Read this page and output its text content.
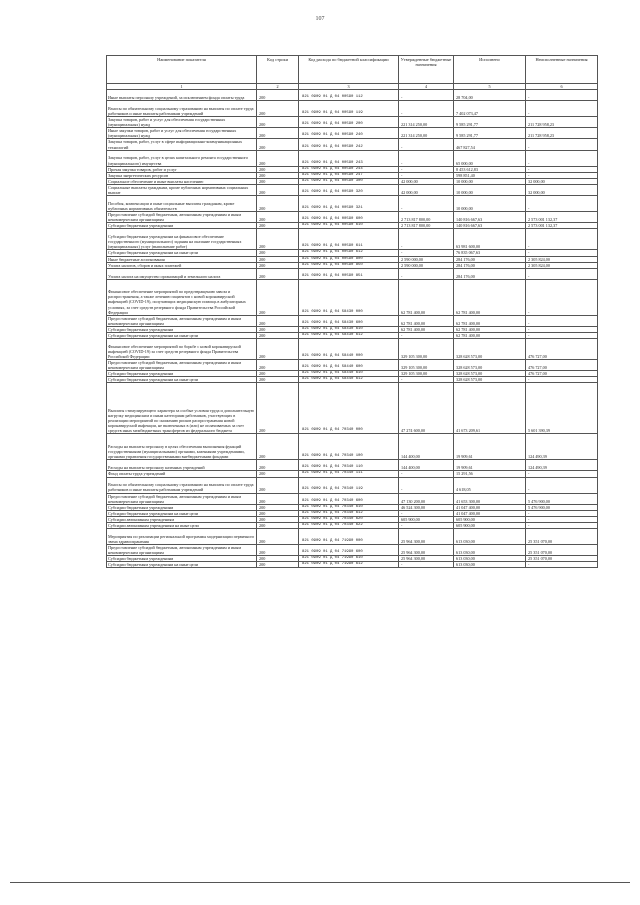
107
Наименование показателя	Код строки	Код расхода по бюджетной классификации	Утвержденные бюджетные назначения	Исполнено	Неисполненные назначения
1	2	3	4	5	6
Иные выплаты персоналу учреждений, за исключением фонда оплаты труда	200	821 0909 01 Д 04 00590 112	-	28 704,00	-
Взносы по обязательному социальному страхованию на выплаты по оплате труда работников и иные выплаты работникам учреждений	200	821 0909 01 Д 04 00590 119	-	7 402 073,47	-
Закупка товаров, работ и услуг для обеспечения государственных (муниципальных) нужд	200	821 0909 01 Д 04 00590 200	221 314 250,00	9 585 291,77	211 728 958,23
Иные закупки товаров, работ и услуг для обеспечения государственных (муниципальных) нужд	200	821 0909 01 Д 04 00590 240	221 314 250,00	9 585 291,77	211 728 958,23
Закупка товаров, работ, услуг в сфере информационно-коммуникационных технологий	200	821 0909 01 Д 04 00590 242	-	467 827,54	-
Закупка товаров, работ, услуг в целях капитального ремонта государственного (муниципального) имущества	200	821 0909 01 Д 04 00590 243	-	65 000,00	-
Прочая закупка товаров, работ и услуг	200	821 0909 01 Д 04 00590 244	-	8 453 612,83	-
Закупка энергетических ресурсов	200	821 0909 01 Д 04 00590 247	-	598 851,40	-
Социальное обеспечение и иные выплаты населению	200	821 0909 01 Д 04 00590 300	42 000,00	10 000,00	32 000,00
Социальные выплаты гражданам, кроме публичных нормативных социальных выплат	200	821 0909 01 Д 04 00590 320	42 000,00	10 000,00	32 000,00
Пособия, компенсации и иные социальные выплаты гражданам, кроме публичных нормативных обязательств	200	821 0909 01 Д 04 00590 321	-	10 000,00	-
Предоставление субсидий бюджетным, автономным учреждениям и иным некоммерческим организациям	200	821 0909 01 Д 04 00590 600	2 713 817 800,00	140 816 667,63	2 573 001 132,37
Субсидии бюджетным учреждениям	200	821 0909 01 Д 04 00590 610	2 713 817 800,00	140 816 667,63	2 573 001 132,37
Субсидии бюджетным учреждениям на финансовое обеспечение государственного (муниципального) задания на оказание государственных (муниципальных) услуг (выполнение работ)	200	821 0909 01 Д 04 00590 611	-	63 981 600,00	-
Субсидии бюджетным учреждениям на иные цели	200	821 0909 01 Д 04 00590 612	-	76 835 067,63	-
Иные бюджетные ассигнования	200	821 0909 01 Д 04 00590 800	2 590 000,00	284 176,00	2 305 824,00
Уплата налогов, сборов и иных платежей	200	821 0909 01 Д 04 00590 850	2 590 000,00	284 176,00	2 305 824,00
Уплата налога на имущество организаций и земельного налога	200	821 0909 01 Д 04 00590 851	-	284 176,00	-
Финансовое обеспечение мероприятий по предотвращению завоза и распространения, а также лечению пациентов с новой коронавирусной инфекцией (COVID-19), получающих медицинскую помощь в амбулаторных условиях, за счет средств резервного фонда Правительства Российской Федерации	200	821 0909 01 Д 04 58430 000	62 781 400,00	62 781 400,00	-
Предоставление субсидий бюджетным, автономным учреждениям и иным некоммерческим организациям	200	821 0909 01 Д 04 58430 600	62 781 400,00	62 781 400,00	-
Субсидии бюджетным учреждениям	200	821 0909 01 Д 04 58430 610	62 781 400,00	62 781 400,00	-
Субсидии бюджетным учреждениям на иные цели	200	821 0909 01 Д 04 58430 612	-	62 781 400,00	-
Финансовое обеспечение мероприятий по борьбе с новой коронавирусной инфекцией (COVID-19) за счет средств резервного фонда Правительства Российской Федерации	200	821 0909 01 Д 04 58440 000	329 105 300,00	328 628 573,00	476 727,00
Предоставление субсидий бюджетным, автономным учреждениям и иным некоммерческим организациям	200	821 0909 01 Д 04 58440 600	329 105 300,00	328 628 573,00	476 727,00
Субсидии бюджетным учреждениям	200	821 0909 01 Д 04 58440 610	329 105 300,00	328 628 573,00	476 727,00
Субсидии бюджетным учреждениям на иные цели	200	821 0909 01 Д 04 58440 612	-	328 628 573,00	-
Выплаты стимулирующего характера за особые условия труда и дополнительную нагрузку медицинским и иным категориям работников, участвующих в реализации мероприятий по снижению рисков распространения новой коронавирусной инфекции, не включенных в (или) не оплачиваемых за счет средств иных межбюджетных трансфертов из федерального бюджета	200	821 0909 01 Д 04 70340 000	47 274 600,00	41 673 209,61	5 601 390,39
Расходы на выплаты персоналу в целях обеспечения выполнения функций государственными (муниципальными) органами, казенными учреждениями, органами управления государственными внебюджетными фондами	200	821 0909 01 Д 04 70340 100	144 400,00	19 909,61	124 490,39
Расходы на выплаты персоналу казенных учреждений	200	821 0909 01 Д 04 70340 110	144 400,00	19 909,61	124 490,39
Фонд оплаты труда учреждений	200	821 0909 01 Д 04 70340 111	-	15 291,56	-
Взносы по обязательному социальному страхованию на выплаты по оплате труда работников и иные выплаты работникам учреждений	200	821 0909 01 Д 04 70340 119	-	4 618,05	-
Предоставление субсидий бюджетным, автономным учреждениям и иным некоммерческим организациям	200	821 0909 01 Д 04 70340 600	47 130 200,00	41 653 300,00	5 476 900,00
Субсидии бюджетным учреждениям	200	821 0909 01 Д 04 70340 610	46 524 300,00	41 047 400,00	5 476 900,00
Субсидии бюджетным учреждениям на иные цели	200	821 0909 01 Д 04 70340 612	-	41 047 400,00	-
Субсидии автономным учреждениям	200	821 0909 01 Д 04 70340 620	605 900,00	605 900,00	-
Субсидии автономным учреждениям на иные цели	200	821 0909 01 Д 04 70340 622	-	605 900,00	-
Мероприятия по реализации региональной программы модернизации первичного звена здравоохранения	200	821 0909 01 Д 04 71990 000	25 964 300,00	613 030,00	25 351 070,00
Предоставление субсидий бюджетным, автономным учреждениям и иным некоммерческим организациям	200	821 0909 01 Д 04 71990 600	25 964 300,00	613 030,00	25 351 070,00
Субсидии бюджетным учреждениям	200	821 0909 01 Д 04 71990 610	25 964 300,00	613 030,00	25 351 070,00
Субсидии бюджетным учреждениям на иные цели	200	821 0909 01 Д 04 71990 612	-	613 030,00	-
